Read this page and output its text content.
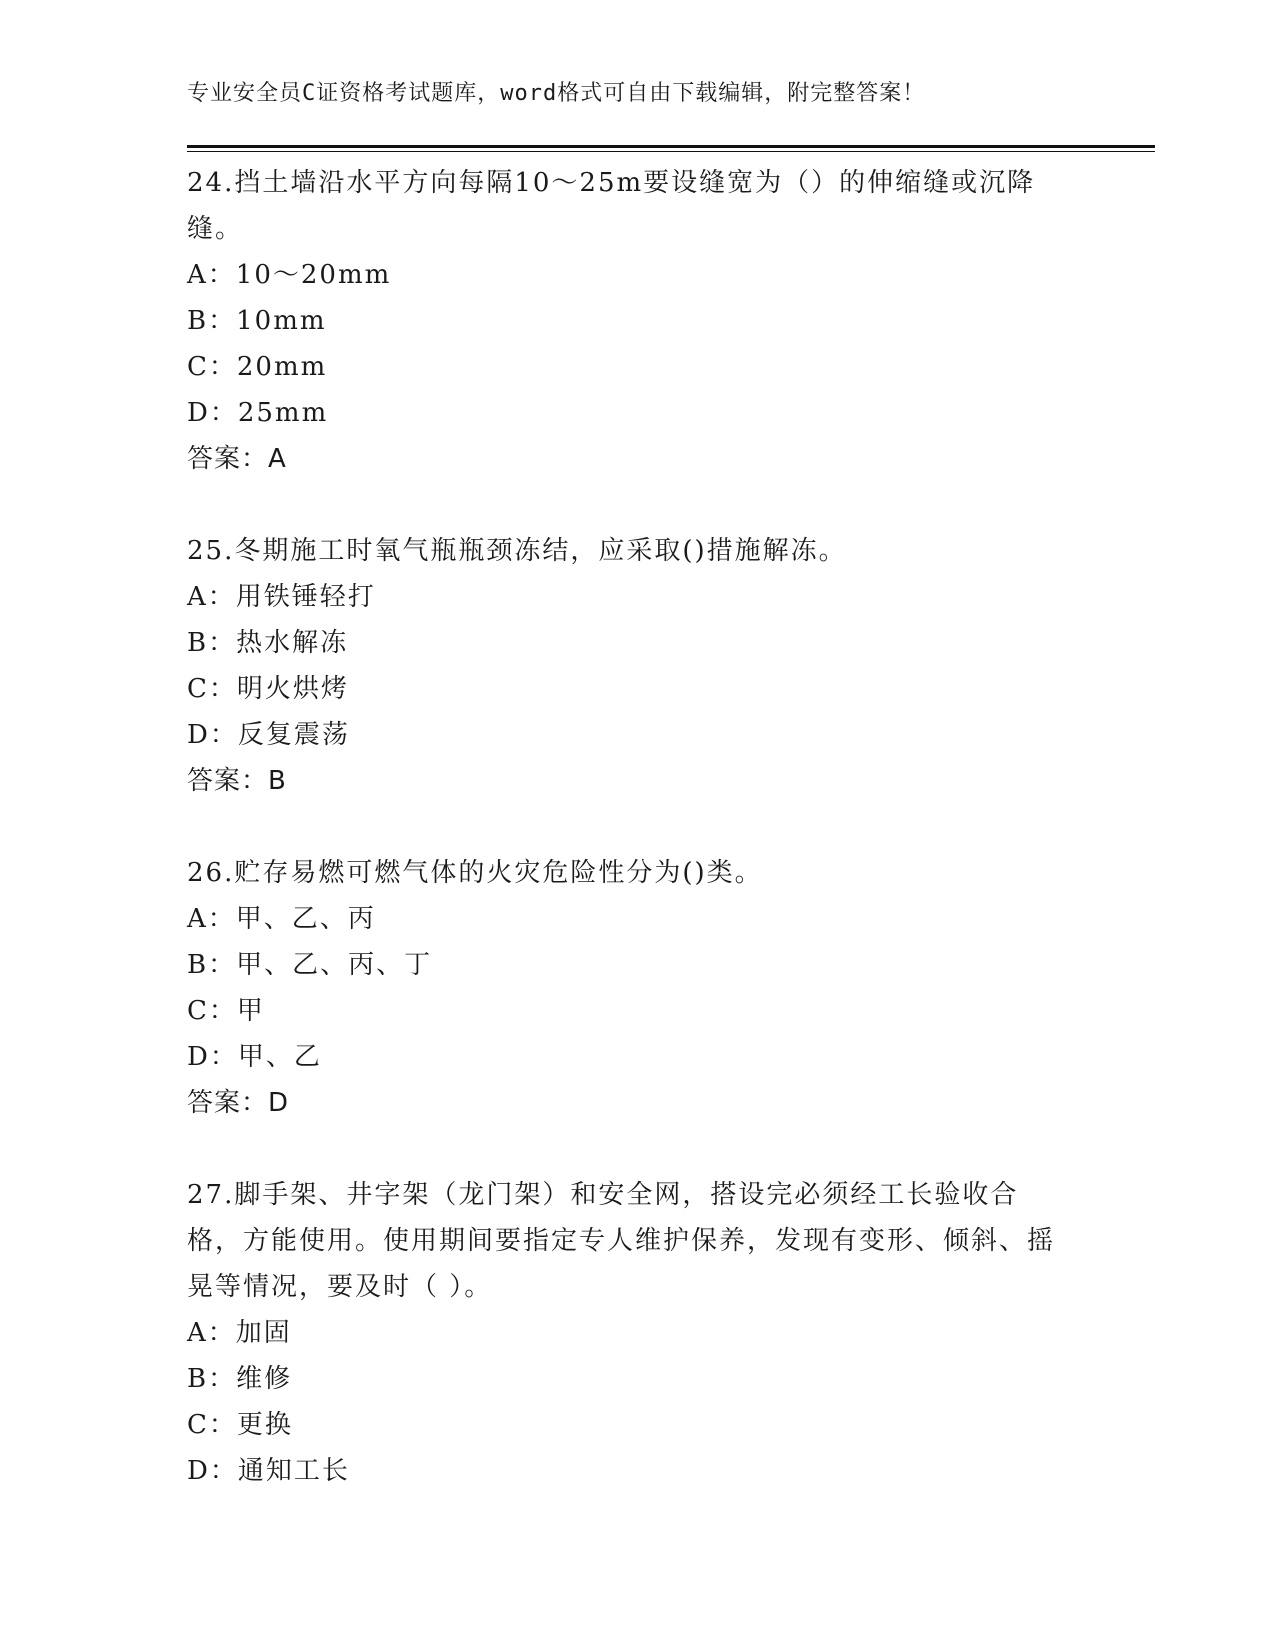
专业安全员C证资格考试题库，word格式可自由下载编辑，附完整答案！
24.挡土墙沿水平方向每隔10～25m要设缝宽为（）的伸缩缝或沉降缝。
A：10～20mm
B：10mm
C：20mm
D：25mm
答案：A
25.冬期施工时氧气瓶瓶颈冻结，应采取()措施解冻。
A：用铁锤轻打
B：热水解冻
C：明火烘烤
D：反复震荡
答案：B
26.贮存易燃可燃气体的火灾危险性分为()类。
A：甲、乙、丙
B：甲、乙、丙、丁
C：甲
D：甲、乙
答案：D
27.脚手架、井字架（龙门架）和安全网，搭设完必须经工长验收合格，方能使用。使用期间要指定专人维护保养，发现有变形、倾斜、摇晃等情况，要及时（ ）。
A：加固
B：维修
C：更换
D：通知工长
